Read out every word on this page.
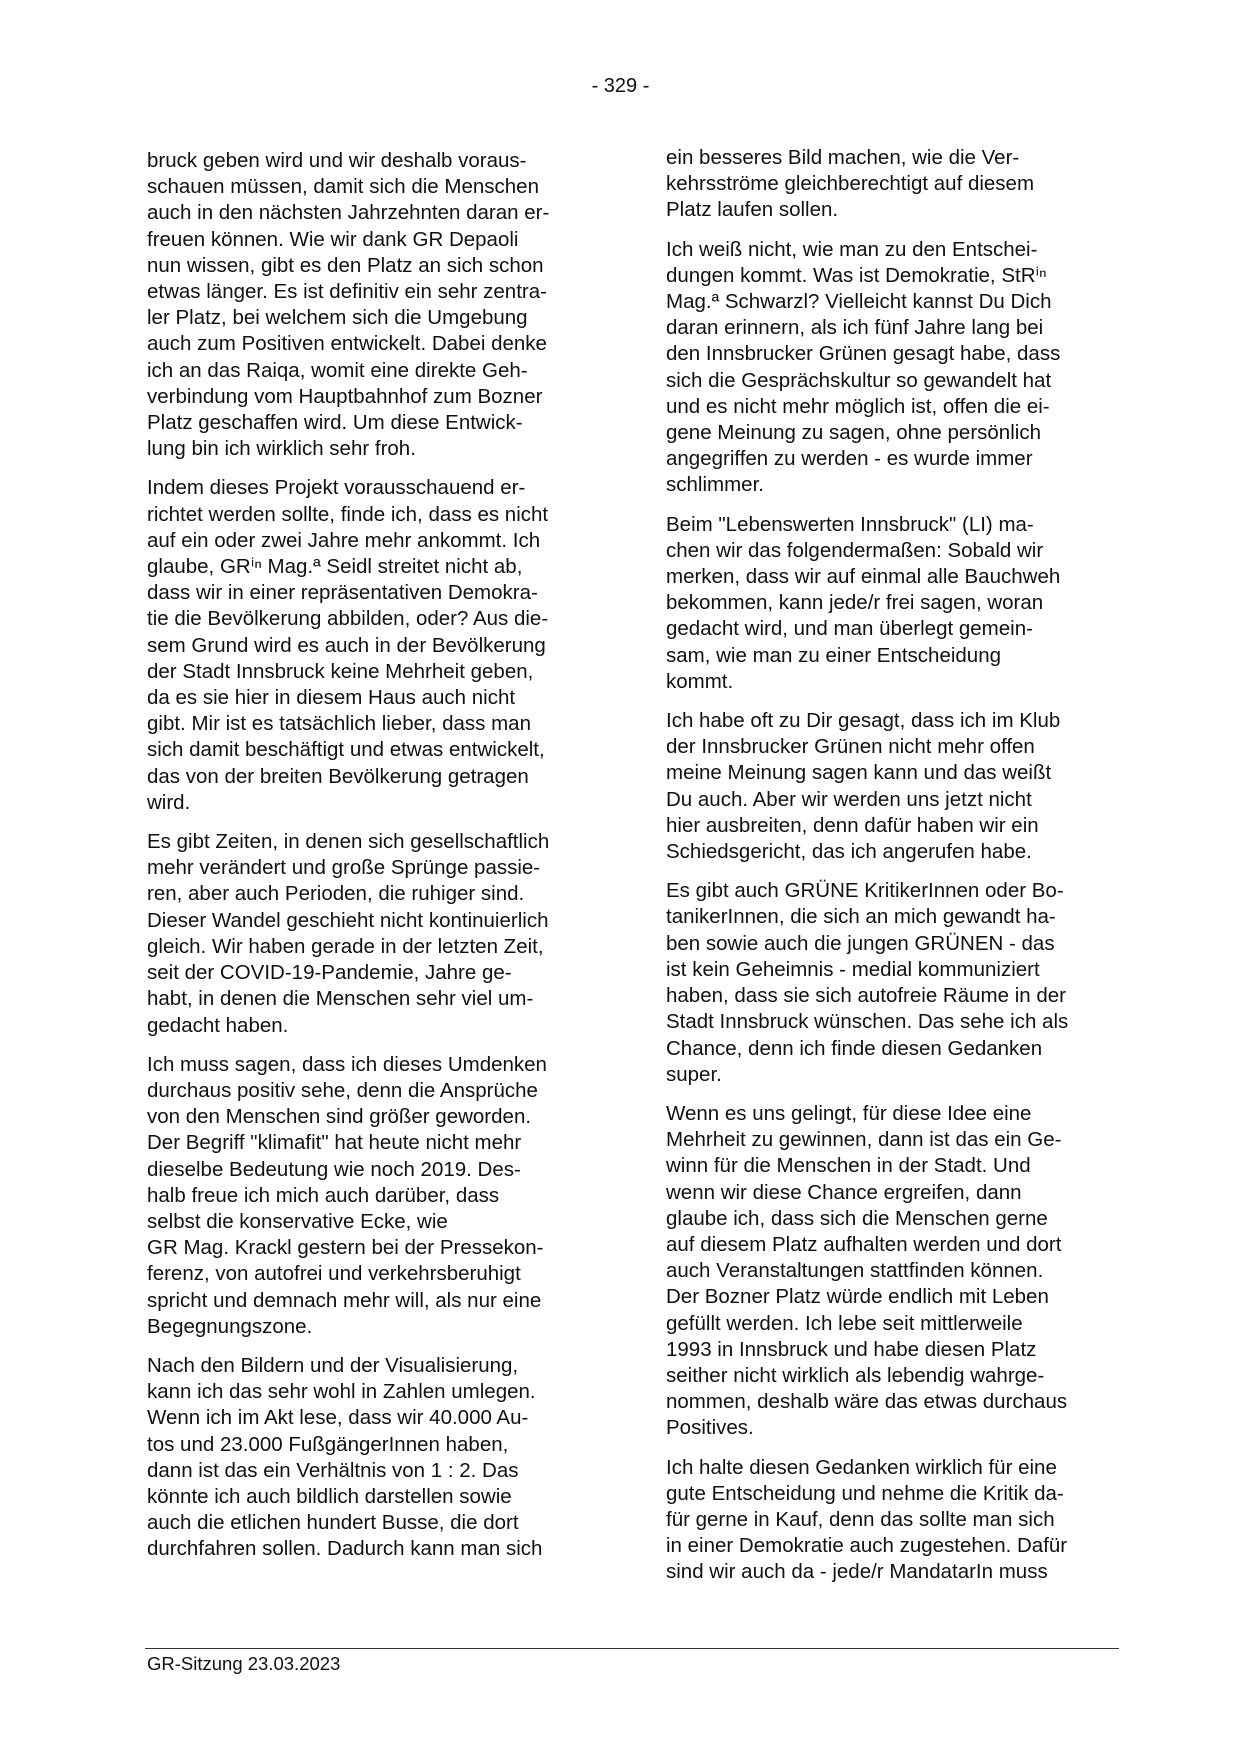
- 329 -

bruck geben wird und wir deshalb voraus-
schauen müssen, damit sich die Menschen
auch in den nächsten Jahrzehnten daran er-
freuen können. Wie wir dank GR Depaoli
nun wissen, gibt es den Platz an sich schon
etwas länger. Es ist definitiv ein sehr zentra-
ler Platz, bei welchem sich die Umgebung
auch zum Positiven entwickelt. Dabei denke
ich an das Raiqa, womit eine direkte Geh-
verbindung vom Hauptbahnhof zum Bozner
Platz geschaffen wird. Um diese Entwick-
lung bin ich wirklich sehr froh.

Indem dieses Projekt vorausschauend er-
richtet werden sollte, finde ich, dass es nicht
auf ein oder zwei Jahre mehr ankommt. Ich
glaube, GRⁱⁿ Mag.ª Seidl streitet nicht ab,
dass wir in einer repräsentativen Demokra-
tie die Bevölkerung abbilden, oder? Aus die-
sem Grund wird es auch in der Bevölkerung
der Stadt Innsbruck keine Mehrheit geben,
da es sie hier in diesem Haus auch nicht
gibt. Mir ist es tatsächlich lieber, dass man
sich damit beschäftigt und etwas entwickelt,
das von der breiten Bevölkerung getragen
wird.

Es gibt Zeiten, in denen sich gesellschaftlich
mehr verändert und große Sprünge passie-
ren, aber auch Perioden, die ruhiger sind.
Dieser Wandel geschieht nicht kontinuierlich
gleich. Wir haben gerade in der letzten Zeit,
seit der COVID-19-Pandemie, Jahre ge-
habt, in denen die Menschen sehr viel um-
gedacht haben.

Ich muss sagen, dass ich dieses Umdenken
durchaus positiv sehe, denn die Ansprüche
von den Menschen sind größer geworden.
Der Begriff "klimafit" hat heute nicht mehr
dieselbe Bedeutung wie noch 2019. Des-
halb freue ich mich auch darüber, dass
selbst die konservative Ecke, wie
GR Mag. Krackl gestern bei der Pressekon-
ferenz, von autofrei und verkehrsberuhigt
spricht und demnach mehr will, als nur eine
Begegnungszone.

Nach den Bildern und der Visualisierung,
kann ich das sehr wohl in Zahlen umlegen.
Wenn ich im Akt lese, dass wir 40.000 Au-
tos und 23.000 FußgängerInnen haben,
dann ist das ein Verhältnis von 1 : 2. Das
könnte ich auch bildlich darstellen sowie
auch die etlichen hundert Busse, die dort
durchfahren sollen. Dadurch kann man sich

ein besseres Bild machen, wie die Ver-
kehrsströme gleichberechtigt auf diesem
Platz laufen sollen.

Ich weiß nicht, wie man zu den Entschei-
dungen kommt. Was ist Demokratie, StRⁱⁿ
Mag.ª Schwarzl? Vielleicht kannst Du Dich
daran erinnern, als ich fünf Jahre lang bei
den Innsbrucker Grünen gesagt habe, dass
sich die Gesprächskultur so gewandelt hat
und es nicht mehr möglich ist, offen die ei-
gene Meinung zu sagen, ohne persönlich
angegriffen zu werden - es wurde immer
schlimmer.

Beim "Lebenswerten Innsbruck" (LI) ma-
chen wir das folgendermaßen: Sobald wir
merken, dass wir auf einmal alle Bauchweh
bekommen, kann jede/r frei sagen, woran
gedacht wird, und man überlegt gemein-
sam, wie man zu einer Entscheidung
kommt.

Ich habe oft zu Dir gesagt, dass ich im Klub
der Innsbrucker Grünen nicht mehr offen
meine Meinung sagen kann und das weißt
Du auch. Aber wir werden uns jetzt nicht
hier ausbreiten, denn dafür haben wir ein
Schiedsgericht, das ich angerufen habe.

Es gibt auch GRÜNE KritikerInnen oder Bo-
tanikerInnen, die sich an mich gewandt ha-
ben sowie auch die jungen GRÜNEN - das
ist kein Geheimnis - medial kommuniziert
haben, dass sie sich autofreie Räume in der
Stadt Innsbruck wünschen. Das sehe ich als
Chance, denn ich finde diesen Gedanken
super.

Wenn es uns gelingt, für diese Idee eine
Mehrheit zu gewinnen, dann ist das ein Ge-
winn für die Menschen in der Stadt. Und
wenn wir diese Chance ergreifen, dann
glaube ich, dass sich die Menschen gerne
auf diesem Platz aufhalten werden und dort
auch Veranstaltungen stattfinden können.
Der Bozner Platz würde endlich mit Leben
gefüllt werden. Ich lebe seit mittlerweile
1993 in Innsbruck und habe diesen Platz
seither nicht wirklich als lebendig wahrge-
nommen, deshalb wäre das etwas durchaus
Positives.

Ich halte diesen Gedanken wirklich für eine
gute Entscheidung und nehme die Kritik da-
für gerne in Kauf, denn das sollte man sich
in einer Demokratie auch zugestehen. Dafür
sind wir auch da - jede/r MandatarIn muss

GR-Sitzung 23.03.2023
